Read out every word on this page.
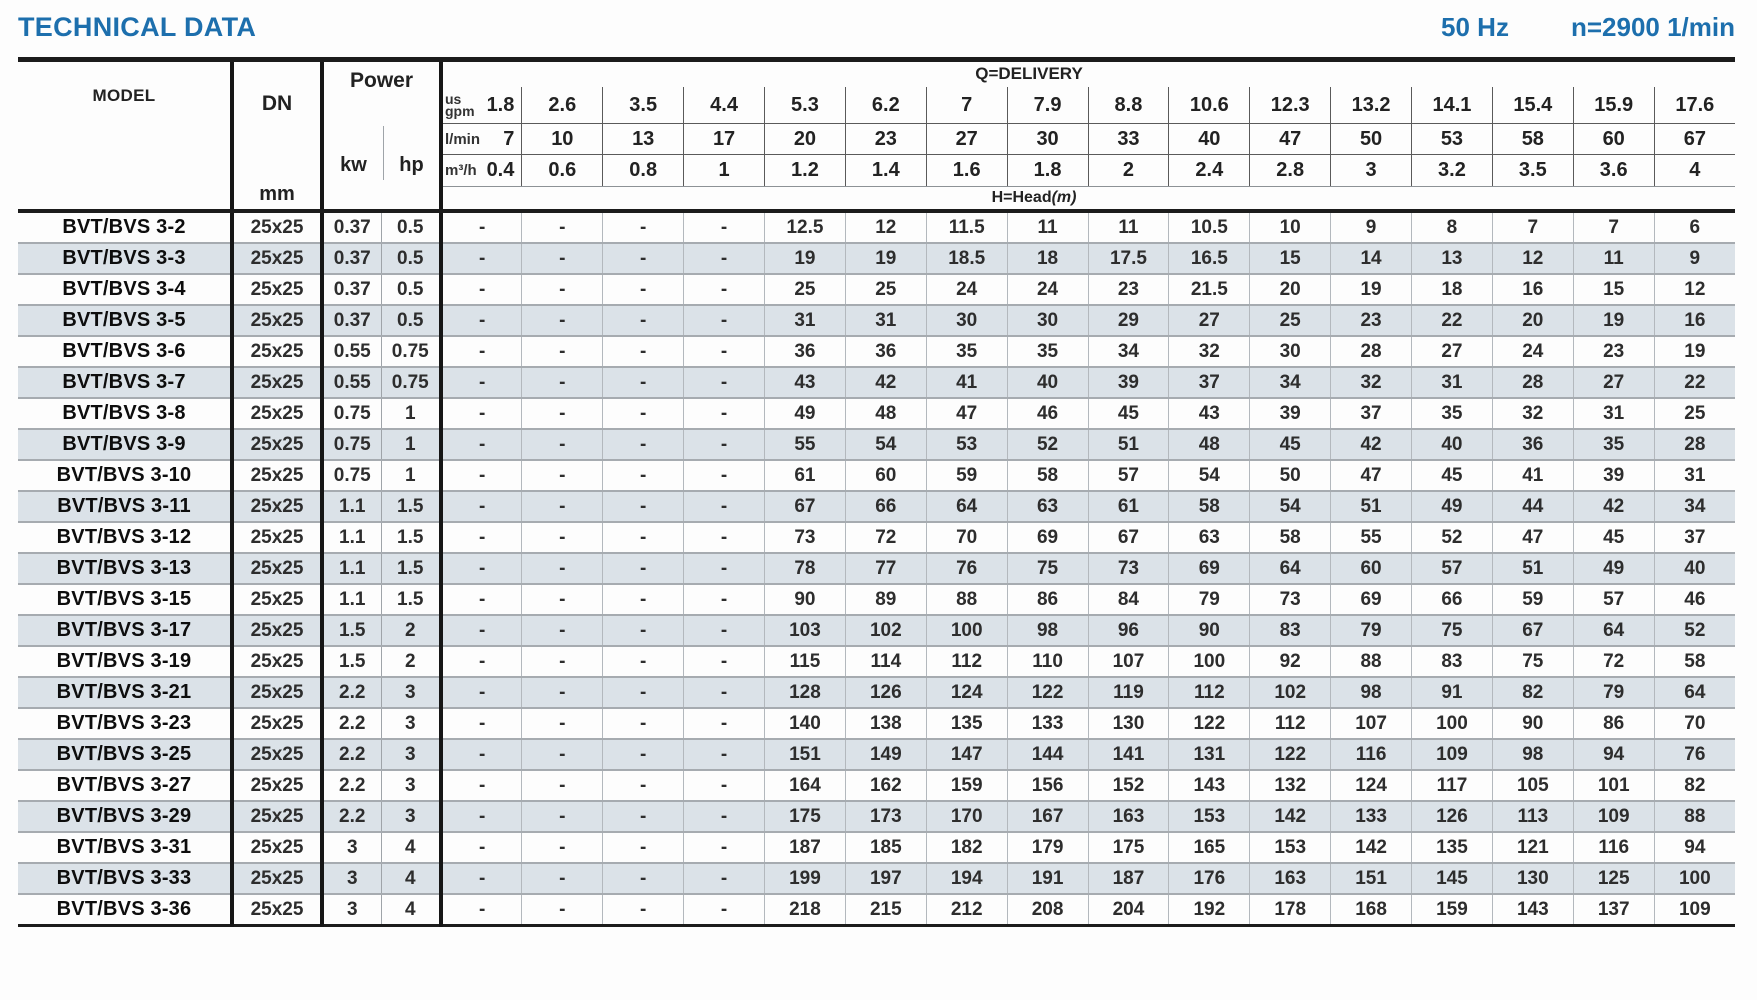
TECHNICAL DATA	50 Hz n=2900 1/min
MODEL	DN
mm

Power
kw	hp
	Q=DELIVERY

				us
gpm 1.8	2.6	3.5	4.4	5.3	6.2	7	7.9	8.8	10.6	12.3	13.2	14.1	15.4	15.9	17.6

				l/min 7	10	13	17	20	23	27	30	33	40	47	50	53	58	60	67

				m³/h 0.4	0.6	0.8	1	1.2	1.4	1.6	1.8	2	2.4	2.8	3	3.2	3.5	3.6	4
				H=Head(m)															
BVT/BVS 3-2	25x25	0.37	0.5	-	-	-	-	12.5	12	11.5	11	11	10.5	10	9	8	7	7	6
BVT/BVS 3-3	25x25	0.37	0.5	-	-	-	-	19	19	18.5	18	17.5	16.5	15	14	13	12	11	9
BVT/BVS 3-4	25x25	0.37	0.5	-	-	-	-	25	25	24	24	23	21.5	20	19	18	16	15	12
BVT/BVS 3-5	25x25	0.37	0.5	-	-	-	-	31	31	30	30	29	27	25	23	22	20	19	16
BVT/BVS 3-6	25x25	0.55	0.75	-	-	-	-	36	36	35	35	34	32	30	28	27	24	23	19
BVT/BVS 3-7	25x25	0.55	0.75	-	-	-	-	43	42	41	40	39	37	34	32	31	28	27	22
BVT/BVS 3-8	25x25	0.75	1	-	-	-	-	49	48	47	46	45	43	39	37	35	32	31	25
BVT/BVS 3-9	25x25	0.75	1	-	-	-	-	55	54	53	52	51	48	45	42	40	36	35	28
BVT/BVS 3-10	25x25	0.75	1	-	-	-	-	61	60	59	58	57	54	50	47	45	41	39	31
BVT/BVS 3-11	25x25	1.1	1.5	-	-	-	-	67	66	64	63	61	58	54	51	49	44	42	34
BVT/BVS 3-12	25x25	1.1	1.5	-	-	-	-	73	72	70	69	67	63	58	55	52	47	45	37
BVT/BVS 3-13	25x25	1.1	1.5	-	-	-	-	78	77	76	75	73	69	64	60	57	51	49	40
BVT/BVS 3-15	25x25	1.1	1.5	-	-	-	-	90	89	88	86	84	79	73	69	66	59	57	46
BVT/BVS 3-17	25x25	1.5	2	-	-	-	-	103	102	100	98	96	90	83	79	75	67	64	52
BVT/BVS 3-19	25x25	1.5	2	-	-	-	-	115	114	112	110	107	100	92	88	83	75	72	58
BVT/BVS 3-21	25x25	2.2	3	-	-	-	-	128	126	124	122	119	112	102	98	91	82	79	64
BVT/BVS 3-23	25x25	2.2	3	-	-	-	-	140	138	135	133	130	122	112	107	100	90	86	70
BVT/BVS 3-25	25x25	2.2	3	-	-	-	-	151	149	147	144	141	131	122	116	109	98	94	76
BVT/BVS 3-27	25x25	2.2	3	-	-	-	-	164	162	159	156	152	143	132	124	117	105	101	82
BVT/BVS 3-29	25x25	2.2	3	-	-	-	-	175	173	170	167	163	153	142	133	126	113	109	88
BVT/BVS 3-31	25x25	3	4	-	-	-	-	187	185	182	179	175	165	153	142	135	121	116	94
BVT/BVS 3-33	25x25	3	4	-	-	-	-	199	197	194	191	187	176	163	151	145	130	125	100
BVT/BVS 3-36	25x25	3	4	-	-	-	-	218	215	212	208	204	192	178	168	159	143	137	109
